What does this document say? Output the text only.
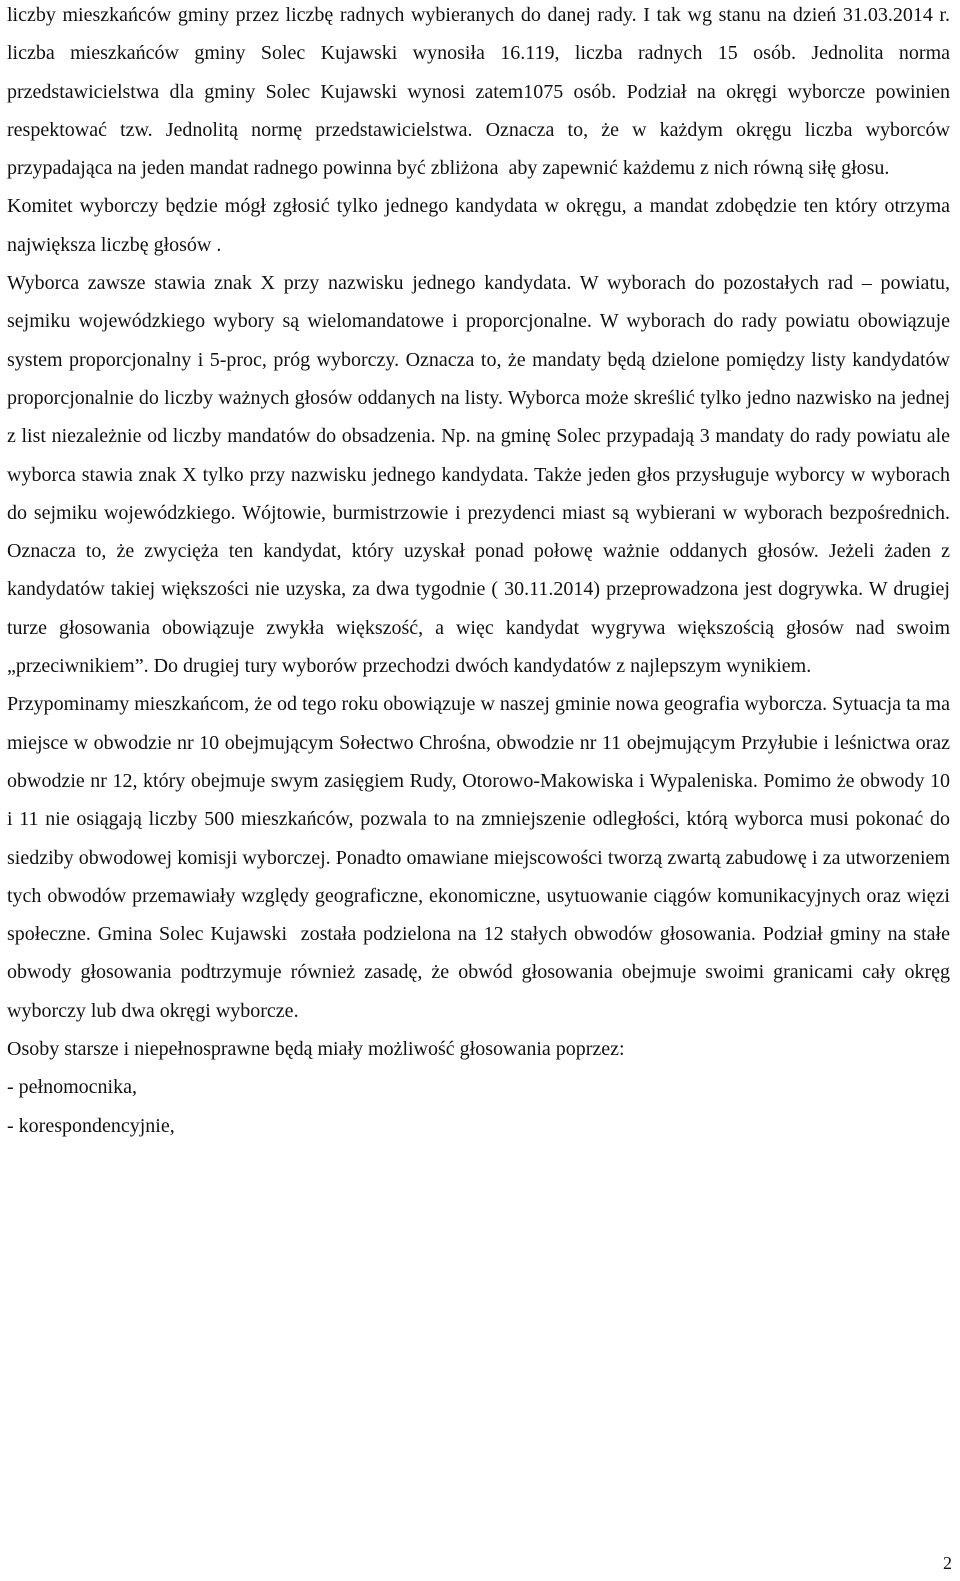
liczby mieszkańców gminy przez liczbę radnych wybieranych do danej rady. I tak wg stanu na dzień 31.03.2014 r. liczba mieszkańców gminy Solec Kujawski wynosiła 16.119, liczba radnych 15 osób. Jednolita norma przedstawicielstwa dla gminy Solec Kujawski wynosi zatem1075 osób. Podział na okręgi wyborcze powinien respektować tzw. Jednolitą normę przedstawicielstwa. Oznacza to, że w każdym okręgu liczba wyborców przypadająca na jeden mandat radnego powinna być zbliżona  aby zapewnić każdemu z nich równą siłę głosu.

Komitet wyborczy będzie mógł zgłosić tylko jednego kandydata w okręgu, a mandat zdobędzie ten który otrzyma największa liczbę głosów .

Wyborca zawsze stawia znak X przy nazwisku jednego kandydata. W wyborach do pozostałych rad – powiatu, sejmiku wojewódzkiego wybory są wielomandatowe i proporcjonalne. W wyborach do rady powiatu obowiązuje system proporcjonalny i 5-proc, próg wyborczy. Oznacza to, że mandaty będą dzielone pomiędzy listy kandydatów proporcjonalnie do liczby ważnych głosów oddanych na listy. Wyborca może skreślić tylko jedno nazwisko na jednej z list niezależnie od liczby mandatów do obsadzenia. Np. na gminę Solec przypadają 3 mandaty do rady powiatu ale wyborca stawia znak X tylko przy nazwisku jednego kandydata. Także jeden głos przysługuje wyborcy w wyborach do sejmiku wojewódzkiego. Wójtowie, burmistrzowie i prezydenci miast są wybierani w wyborach bezpośrednich. Oznacza to, że zwycięża ten kandydat, który uzyskał ponad połowę ważnie oddanych głosów. Jeżeli żaden z kandydatów takiej większości nie uzyska, za dwa tygodnie ( 30.11.2014) przeprowadzona jest dogrywka. W drugiej turze głosowania obowiązuje zwykła większość, a więc kandydat wygrywa większością głosów nad swoim „przeciwnikiem”. Do drugiej tury wyborów przechodzi dwóch kandydatów z najlepszym wynikiem.

Przypominamy mieszkańcom, że od tego roku obowiązuje w naszej gminie nowa geografia wyborcza. Sytuacja ta ma miejsce w obwodzie nr 10 obejmującym Sołectwo Chrośna, obwodzie nr 11 obejmującym Przyłubie i leśnictwa oraz obwodzie nr 12, który obejmuje swym zasięgiem Rudy, Otorowo-Makowiska i Wypaleniska. Pomimo że obwody 10 i 11 nie osiągają liczby 500 mieszkańców, pozwala to na zmniejszenie odległości, którą wyborca musi pokonać do siedziby obwodowej komisji wyborczej. Ponadto omawiane miejscowości tworzą zwartą zabudowę i za utworzeniem tych obwodów przemawiały względy geograficzne, ekonomiczne, usytuowanie ciągów komunikacyjnych oraz więzi społeczne. Gmina Solec Kujawski  została podzielona na 12 stałych obwodów głosowania. Podział gminy na stałe obwody głosowania podtrzymuje również zasadę, że obwód głosowania obejmuje swoimi granicami cały okręg wyborczy lub dwa okręgi wyborcze.

Osoby starsze i niepełnosprawne będą miały możliwość głosowania poprzez:

- pełnomocnika,

- korespondencyjnie,

2
